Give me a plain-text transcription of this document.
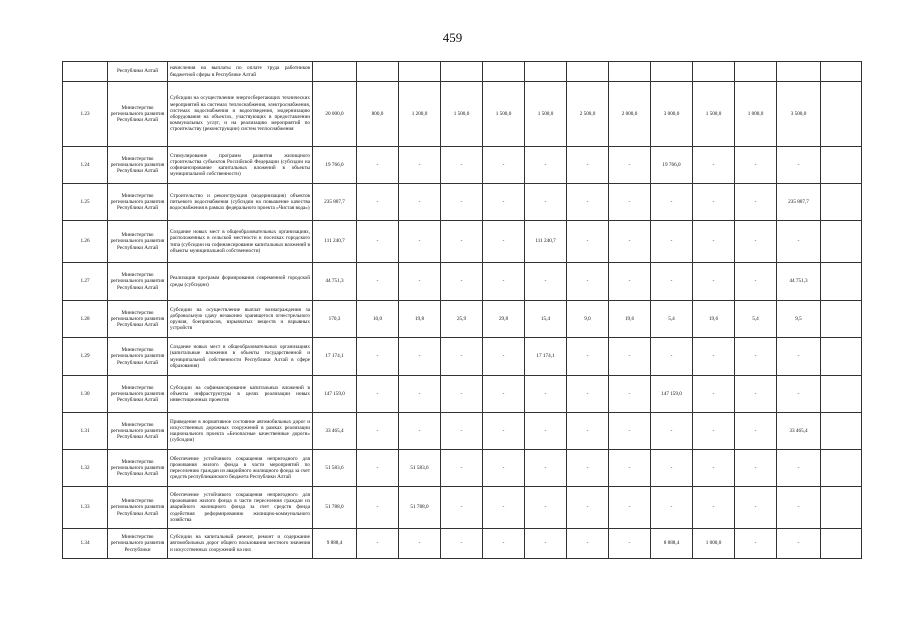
459
	Республики Алтай	начисления на выплаты по оплате труда работников бюджетной сферы в Республике Алтай													
1.23	Министерство регионального развития Республики Алтай	Субсидии на осуществление энергосберегающих технических мероприятий на системах теплоснабжения, электроснабжения, системах водоснабжения и водоотведения, модернизацию оборудования на объектах, участвующих в предоставлении коммунальных услуг, и на реализацию мероприятий по строительству (реконструкции) систем теплоснабжения	20 000,0	800,0	1 200,0	1 500,0	1 500,0	1 500,0	2 500,0	2 000,0	3 000,0	1 500,0	1 000,0	3 500,0	
1.24	Министерство регионального развития Республики Алтай	Стимулирование программ развития жилищного строительства субъектов Российской Федерации (субсидии на софинансирование капитальных вложений в объекты муниципальной собственности)	19 766,0	-	-	-	-	-	-	-	19 766,0	-	-	-	
1.25	Министерство регионального развития Республики Алтай	Строительство и реконструкция (модернизация) объектов питьевого водоснабжения (субсидии на повышение качества водоснабжения в рамках федерального проекта «Чистая вода»)	235 807,7	-	-	-	-	-	-	-	-	-	-	235 807,7	
1.26	Министерство регионального развития Республики Алтай	Создание новых мест в общеобразовательных организациях, расположенных в сельской местности и поселках городского типа (субсидии на софинансирование капитальных вложений в объекты муниципальной собственности)	111 240,7	-	-	-	-	111 240,7	-	-	-	-	-	-	
1.27	Министерство регионального развития Республики Алтай	Реализация программ формирования современной городской среды (субсидии)	44 751,3	-	-	-	-	-	-	-	-	-	-	44 751,3	
1.28	Министерство регионального развития Республики Алтай	Субсидии на осуществление выплат вознаграждения за добровольную сдачу незаконно хранящегося огнестрельного оружия, боеприпасов, взрывчатых веществ и взрывных устройств	170,3	10,0	19,8	25,9	29,8	15,4	9,0	19,6	5,4	19,6	5,4	9,5	
1.29	Министерство регионального развития Республики Алтай	Создание новых мест в общеобразовательных организациях (капитальные вложения в объекты государственной и муниципальной собственности Республики Алтай в сфере образования)	17 174,1	-	-	-	-	17 174,1	-	-	-	-	-	-	
1.30	Министерство регионального развития Республики Алтай	Субсидии на софинансирование капитальных вложений в объекты инфраструктуры в целях реализации новых инвестиционных проектов	147 159,0	-	-	-	-	-	-	-	147 159,0	-	-	-	
1.31	Министерство регионального развития Республики Алтай	Приведение в нормативное состояние автомобильных дорог и искусственных дорожных сооружений в рамках реализации национального проекта «Безопасные качественные дороги» (субсидии)	33 465,4	-	-	-	-	-	-	-	-	-	-	33 465,4	
1.32	Министерство регионального развития Республики Алтай	Обеспечение устойчивого сокращения непригодного для проживания жилого фонда в части мероприятий по переселению граждан из аварийного жилищного фонда за счет средств республиканского бюджета Республики Алтай	51 583,6	-	51 583,6	-	-	-	-	-	-	-	-	-	
1.33	Министерство регионального развития Республики Алтай	Обеспечение устойчивого сокращения непригодного для проживания жилого фонда в части переселения граждан из аварийного жилищного фонда за счет средств фонда содействия реформированию жилищно-коммунального хозяйства	51 788,0	-	51 788,0	-	-	-	-	-	-	-	-	-	
1.34	Министерство регионального развития Республики	Субсидии на капитальный ремонт, ремонт и содержание автомобильных дорог общего пользования местного значения и искусственных сооружений на них	9 888,4	-	-	-	-	-	-	-	8 888,4	1 000,0	-	-	
